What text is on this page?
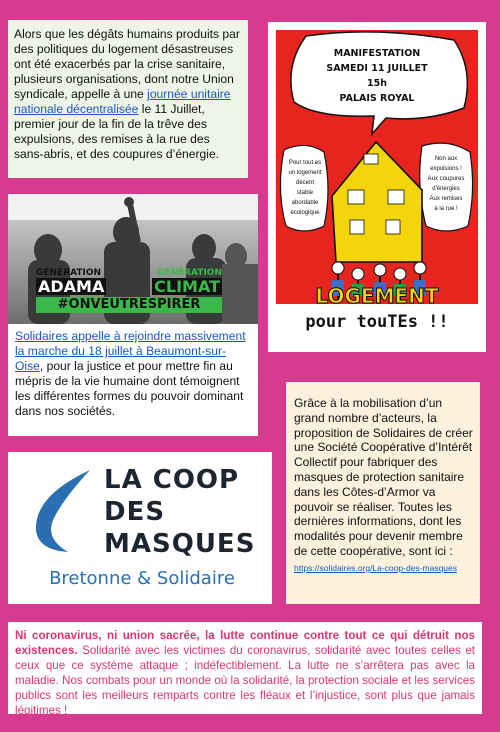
Alors que les dégâts humains produits par des politiques du logement désastreuses ont été exacerbés par la crise sanitaire, plusieurs organisations, dont notre Union syndicale, appelle à une journée unitaire nationale décentralisée le 11 Juillet, premier jour de la fin de la trêve des expulsions, des remises à la rue des sans-abris, et des coupures d’énergie.
MANIFESTATION
SAMEDI 11 JUILLET
15h
PALAIS ROYAL
Pour tout.es
un logement
décent
stable
abordable
écologique
Non aux
expulsions !
Aux coupures
d'énergies
Aux remises
à la rue !
LOGEMENT
pour touTEs !!
GÉNÉRATION	GÉNÉRATION
ADAMA	CLIMAT
#ONVEUTRESPIRER
Solidaires appelle à rejoindre massivement la marche du 18 juillet à Beaumont-sur-Oise, pour la justice et pour mettre fin au mépris de la vie humaine dont témoignent les différentes formes du pouvoir dominant dans nos sociétés.
Grâce à la mobilisation d’un grand nombre d’acteurs, la proposition de Solidaires de créer une Société Coopérative d’Intérêt Collectif pour fabriquer des masques de protection sanitaire dans les Côtes-d’Armor va pouvoir se réaliser. Toutes les dernières informations, dont les modalités pour devenir membre de cette coopérative, sont ici :
https://solidaires.org/La-coop-des-masques
LA COOP
DES
MASQUES
Bretonne & Solidaire
Ni coronavirus, ni union sacrée, la lutte continue contre tout ce qui détruit nos existences. Solidarité avec les victimes du coronavirus, solidarité avec toutes celles et ceux que ce système attaque ; indéfectiblement. La lutte ne s’arrêtera pas avec la maladie. Nos combats pour un monde où la solidarité, la protection sociale et les services publics sont les meilleurs remparts contre les fléaux et l’injustice, sont plus que jamais légitimes !
